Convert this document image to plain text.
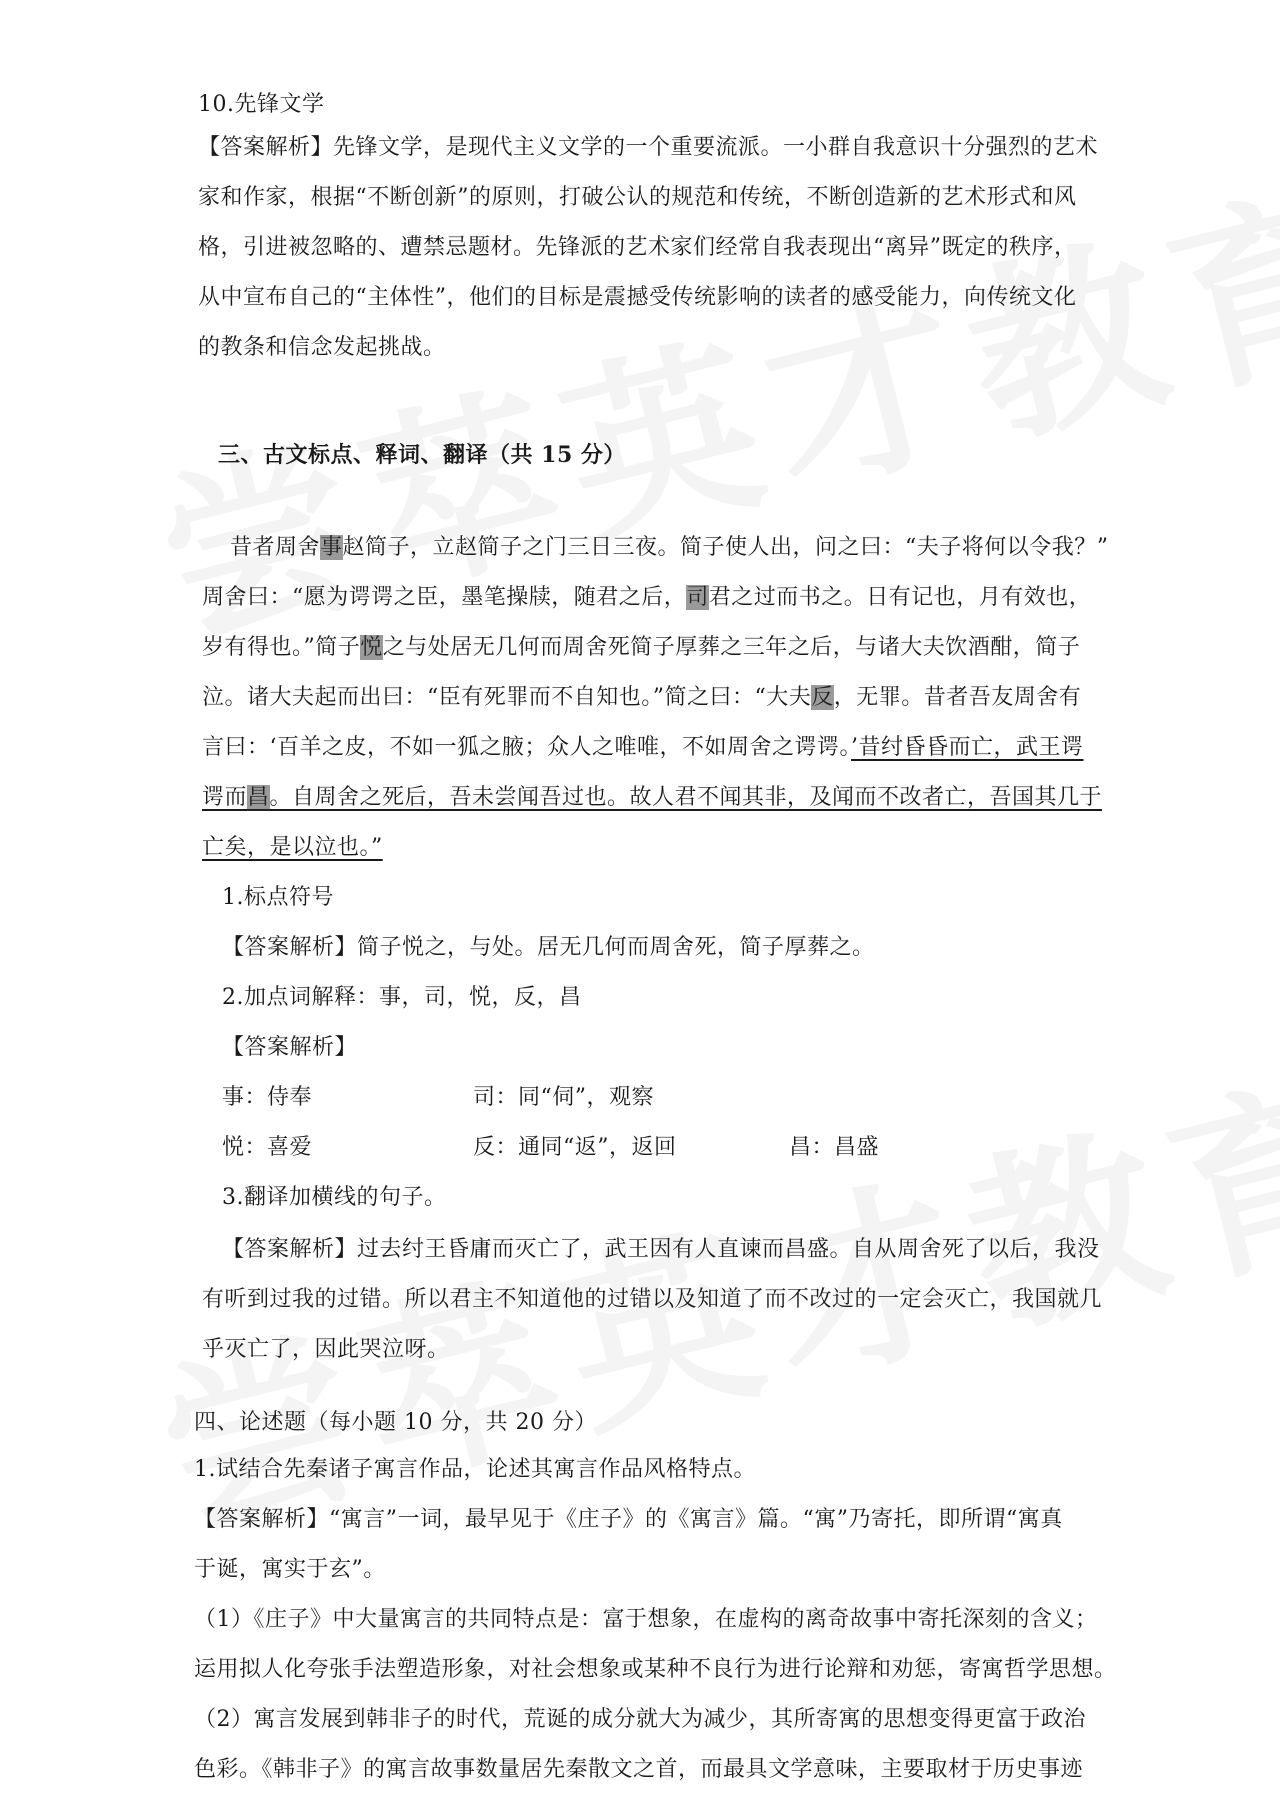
10.先锋文学
【答案解析】先锋文学，是现代主义文学的一个重要流派。一小群自我意识十分强烈的艺术
家和作家，根据“不断创新”的原则，打破公认的规范和传统，不断创造新的艺术形式和风
格，引进被忽略的、遭禁忌题材。先锋派的艺术家们经常自我表现出“离异”既定的秩序，
从中宣布自己的“主体性”，他们的目标是震撼受传统影响的读者的感受能力，向传统文化
的教条和信念发起挑战。
三、古文标点、释词、翻译（共 15 分）
昔者周舍事赵简子，立赵简子之门三日三夜。简子使人出，问之曰：“夫子将何以令我？”
周舍曰：“愿为谔谔之臣，墨笔操牍，随君之后，司君之过而书之。日有记也，月有效也，
岁有得也。”简子悦之与处居无几何而周舍死简子厚葬之三年之后，与诸大夫饮酒酣，简子
泣。诸大夫起而出曰：“臣有死罪而不自知也。”简之曰：“大夫反，无罪。昔者吾友周舍有
言曰：‘百羊之皮，不如一狐之腋；众人之唯唯，不如周舍之谔谔。’昔纣昏昏而亡，武王谔
谔而昌。自周舍之死后，吾未尝闻吾过也。故人君不闻其非，及闻而不改者亡，吾国其几于
亡矣，是以泣也。”
1.标点符号
【答案解析】简子悦之，与处。居无几何而周舍死，简子厚葬之。
2.加点词解释：事，司，悦，反，昌
【答案解析】
事：侍奉	司：同“伺”，观察
悦：喜爱	反：通同“返”，返回	昌：昌盛
3.翻译加横线的句子。
【答案解析】过去纣王昏庸而灭亡了，武王因有人直谏而昌盛。自从周舍死了以后，我没
有听到过我的过错。所以君主不知道他的过错以及知道了而不改过的一定会灭亡，我国就几
乎灭亡了，因此哭泣呀。
四、论述题（每小题 10 分，共 20 分）
1.试结合先秦诸子寓言作品，论述其寓言作品风格特点。
【答案解析】“寓言”一词，最早见于《庄子》的《寓言》篇。“寓”乃寄托，即所谓“寓真
于诞，寓实于玄”。
（1）《庄子》中大量寓言的共同特点是：富于想象，在虚构的离奇故事中寄托深刻的含义；
运用拟人化夸张手法塑造形象，对社会想象或某种不良行为进行论辩和劝惩，寄寓哲学思想。
（2）寓言发展到韩非子的时代，荒诞的成分就大为减少，其所寄寓的思想变得更富于政治
色彩。《韩非子》的寓言故事数量居先秦散文之首，而最具文学意味，主要取材于历史事迹
